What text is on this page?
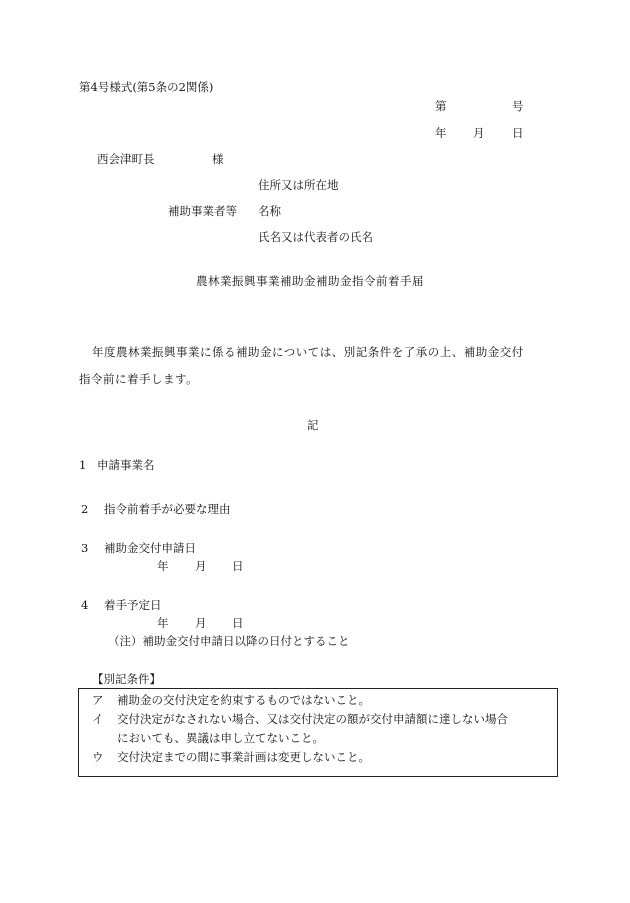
第4号様式(第5条の2関係)
第	号
年 月 日
西会津町長	様
住所又は所在地
補助事業者等 名称
氏名又は代表者の氏名
農林業振興事業補助金補助金指令前着手届
年度農林業振興事業に係る補助金については、別記条件を了承の上、補助金交付
指令前に着手します。
記
1 申請事業名
2 指令前着手が必要な理由
3 補助金交付申請日
年 月 日
4 着手予定日
年 月 日
（注）補助金交付申請日以降の日付とすること
【別記条件】
ア 補助金の交付決定を約束するものではないこと。
イ 交付決定がなされない場合、又は交付決定の額が交付申請額に達しない場合
においても、異議は申し立てないこと。
ウ 交付決定までの間に事業計画は変更しないこと。
